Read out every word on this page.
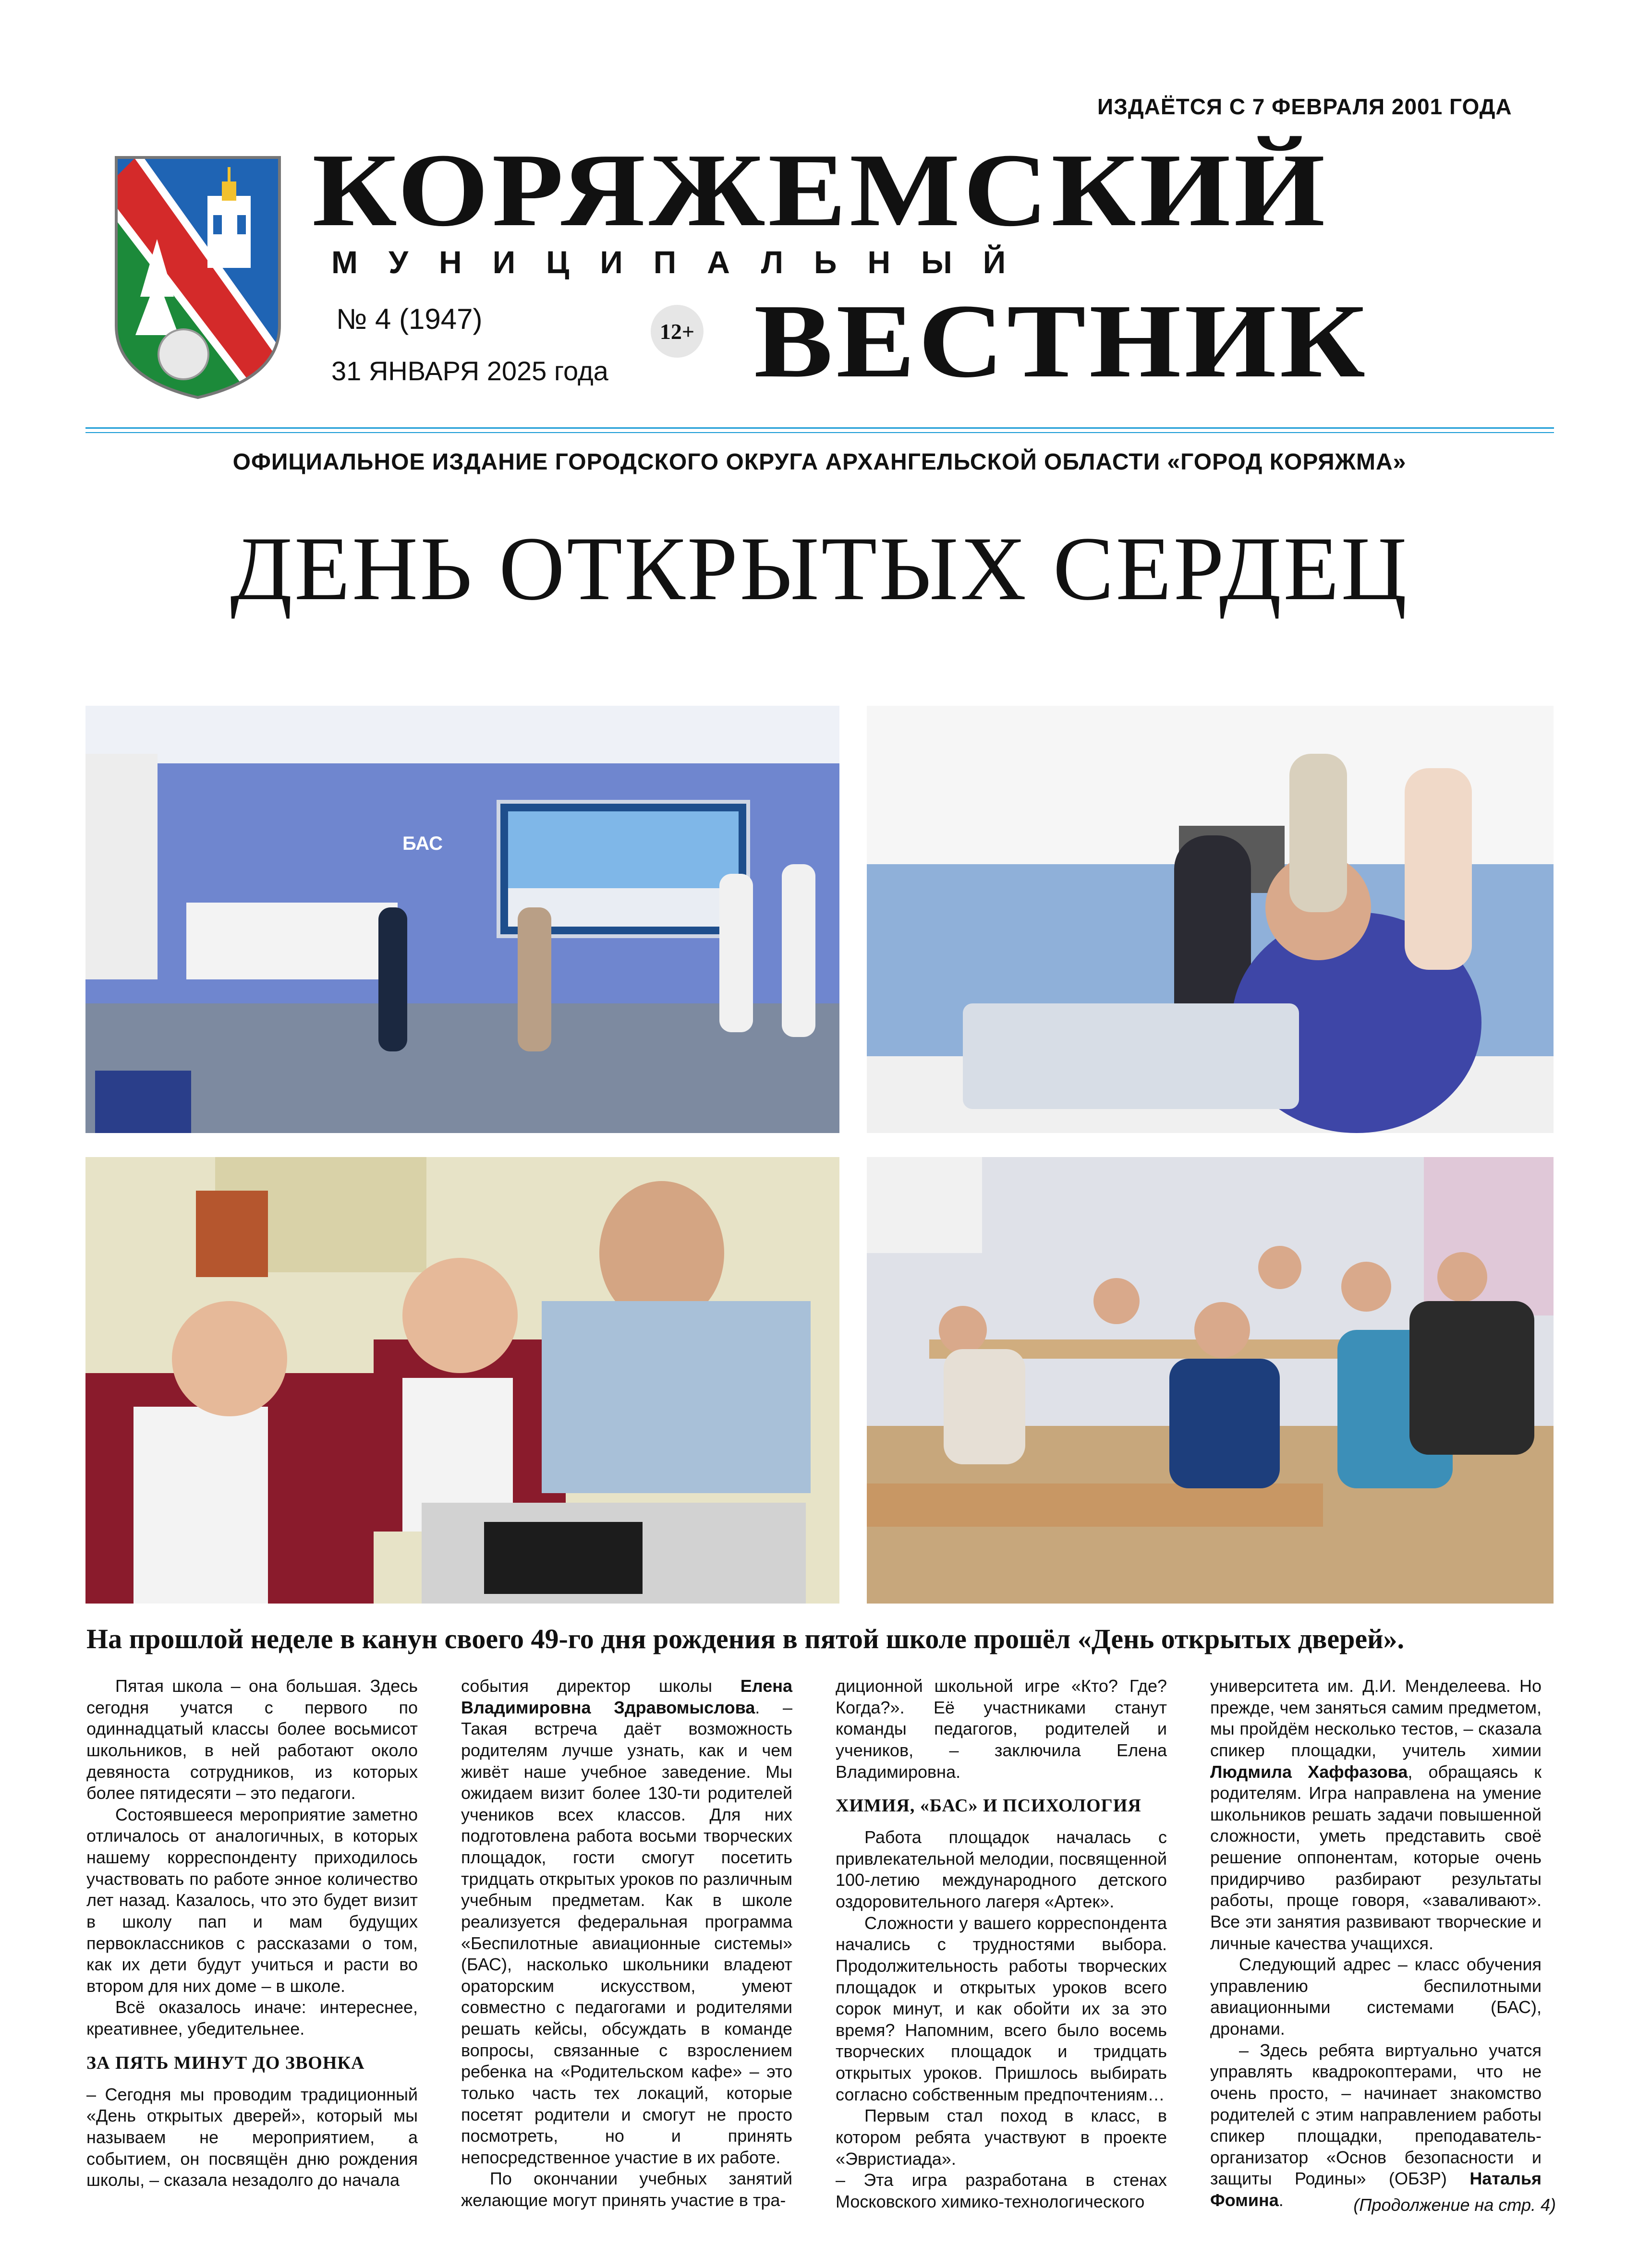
ИЗДАЁТСЯ С 7 ФЕВРАЛЯ 2001 ГОДА
КОРЯЖЕМСКИЙ
МУНИЦИПАЛЬНЫЙ
ВЕСТНИК
№ 4 (1947)
31 ЯНВАРЯ 2025 года
12+
ОФИЦИАЛЬНОЕ ИЗДАНИЕ ГОРОДСКОГО ОКРУГА АРХАНГЕЛЬСКОЙ ОБЛАСТИ «ГОРОД КОРЯЖМА»
ДЕНЬ ОТКРЫТЫХ СЕРДЕЦ
БАС
На прошлой неделе в канун своего 49-го дня рождения в пятой школе прошёл «День открытых дверей».

Пятая школа – она большая. Здесь сегодня учатся с первого по одиннадцатый классы более восьмисот школьников, в ней работают около девяноста сотрудников, из которых более пятидесяти – это педагоги.

Состоявшееся мероприятие заметно отличалось от аналогичных, в которых нашему корреспонденту приходилось участвовать по работе энное количество лет назад. Казалось, что это будет визит в школу пап и мам будущих первоклассников с рассказами о том, как их дети будут учиться и расти во втором для них доме – в школе.

Всё оказалось иначе: интереснее, креативнее, убедительнее.

ЗА ПЯТЬ МИНУТ ДО ЗВОНКА

– Сегодня мы проводим традиционный «День открытых дверей», который мы называем не мероприятием, а событием, он посвящён дню рождения школы, – сказала незадолго до начала

события директор школы Елена Владимировна Здравомыслова. – Такая встреча даёт возможность родителям лучше узнать, как и чем живёт наше учебное заведение. Мы ожидаем визит более 130-ти родителей учеников всех классов. Для них подготовлена работа восьми творческих площадок, гости смогут посетить тридцать открытых уроков по различным учебным предметам. Как в школе реализуется федеральная программа «Беспилотные авиационные системы» (БАС), насколько школьники владеют ораторским искусством, умеют совместно с педагогами и родителями решать кейсы, обсуждать в команде вопросы, связанные с взрослением ребенка на «Родительском кафе» – это только часть тех локаций, которые посетят родители и смогут не просто посмотреть, но и принять непосредственное участие в их работе.

По окончании учебных занятий желающие могут принять участие в тра-

диционной школьной игре «Кто? Где? Когда?». Её участниками станут команды педагогов, родителей и учеников, – заключила Елена Владимировна.

ХИМИЯ, «БАС» И ПСИХОЛОГИЯ

Работа площадок началась с привлекательной мелодии, посвященной 100-летию международного детского оздоровительного лагеря «Артек».

Сложности у вашего корреспондента начались с трудностями выбора. Продолжительность работы творческих площадок и открытых уроков всего сорок минут, и как обойти их за это время? Напомним, всего было восемь творческих площадок и тридцать открытых уроков. Пришлось выбирать согласно собственным предпочтениям…

Первым стал поход в класс, в котором ребята участвуют в проекте «Эвристиада».

– Эта игра разработана в стенах Московского химико-технологического

университета им. Д.И. Менделеева. Но прежде, чем заняться самим предметом, мы пройдём несколько тестов, – сказала спикер площадки, учитель химии Людмила Хаффазова, обращаясь к родителям. Игра направлена на умение школьников решать задачи повышенной сложности, уметь представить своё решение оппонентам, которые очень придирчиво разбирают результаты работы, проще говоря, «заваливают». Все эти занятия развивают творческие и личные качества учащихся.

Следующий адрес – класс обучения управлению беспилотными авиационными системами (БАС), дронами.

– Здесь ребята виртуально учатся управлять квадрокоптерами, что не очень просто, – начинает знакомство родителей с этим направлением работы спикер площадки, преподаватель-организатор «Основ безопасности и защиты Родины» (ОБЗР) Наталья Фомина.	(Продолжение на стр. 4)
